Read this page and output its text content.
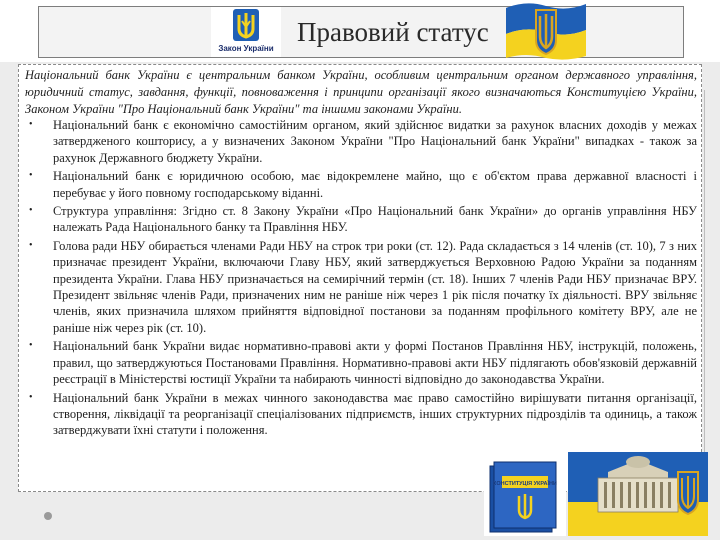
Закон України
Правовий статус
Національний банк України є центральним банком України, особливим центральним органом державного управління, юридичний статус, завдання, функції, повноваження і принципи організації якого визначаються Конституцією України, Законом України "Про Національний банк України" та іншими законами України.
•	Національний банк є економічно самостійним органом, який здійснює видатки за рахунок власних доходів у межах затвердженого кошторису, а у визначених Законом України "Про Національний банк України" випадках - також за рахунок Державного бюджету України.
•	Національний банк є юридичною особою, має відокремлене майно, що є об'єктом права державної власності і перебуває у його повному господарському віданні.
•	Структура управління: Згідно ст. 8 Закону України «Про Національний банк України» до органів управління НБУ належать Рада Національного банку та Правління НБУ.
•	Голова ради НБУ обирається членами Ради НБУ на строк три роки (ст. 12). Рада складається з 14 членів (ст. 10), 7 з них призначає президент України, включаючи Главу НБУ, який затверджується Верховною Радою України за поданням президента України. Глава НБУ призначається на семирічний термін (ст. 18). Інших 7 членів Ради НБУ призначає ВРУ. Президент звільняє членів Ради, призначених ним не раніше ніж через 1 рік після початку їх діяльності. ВРУ звільняє членів, яких призначила шляхом прийняття відповідної постанови за поданням профільного комітету ВРУ, але не раніше ніж через рік (ст. 10).
•	Національний банк України видає нормативно-правові акти у формі Постанов Правління НБУ, інструкцій, положень, правил, що затверджуються Постановами Правління. Нормативно-правові акти НБУ підлягають обов'язковій державній реєстрації в Міністерстві юстиції України та набирають чинності відповідно до законодавства України.
•	Національний банк України в межах чинного законодавства має право самостійно вирішувати питання організації, створення, ліквідації та реорганізації спеціалізованих підприємств, інших структурних підрозділів та одиниць, а також затверджувати їхні статути і положення.
КОНСТИТУЦІЯ УКРАЇНИ
